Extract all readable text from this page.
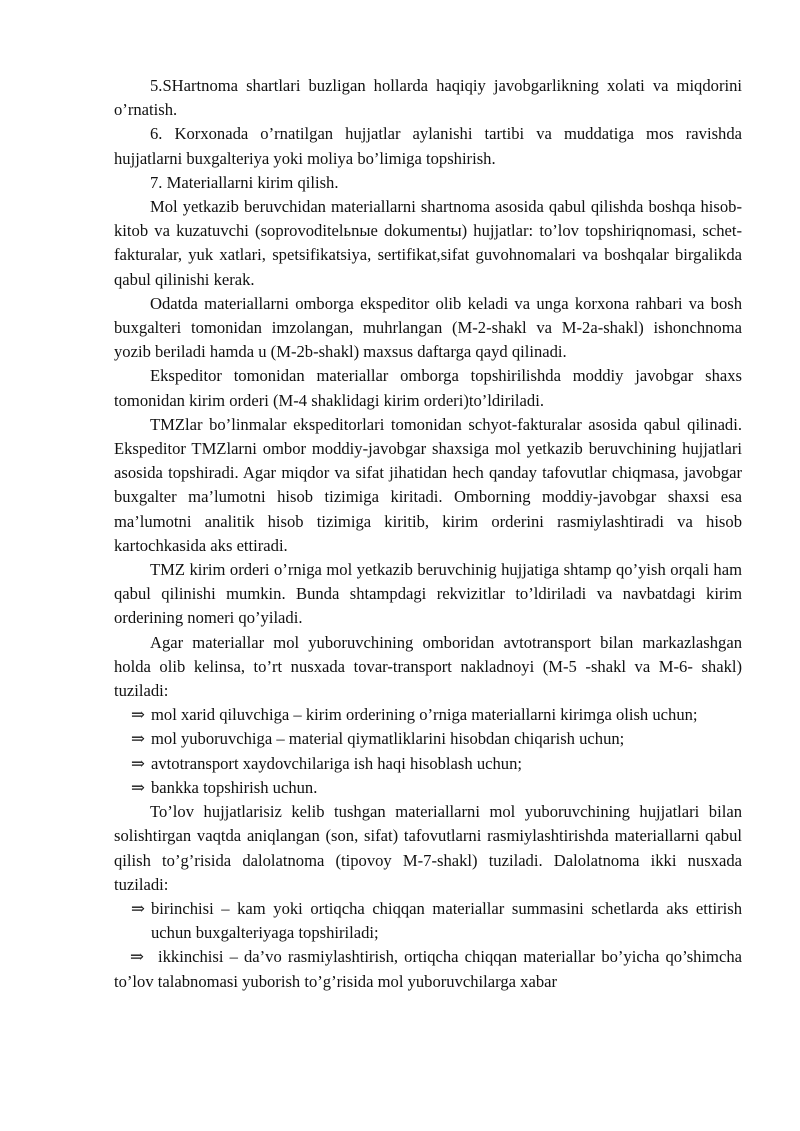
5.SHartnoma shartlari buzligan hollarda haqiqiy javobgarlikning xolati va miqdorini o’rnatish.

6. Korxonada o’rnatilgan hujjatlar aylanishi tartibi va muddatiga mos ravishda hujjatlarni buxgalteriya yoki moliya bo’limiga topshirish.

7. Materiallarni kirim qilish.

Mol yetkazib beruvchidan materiallarni shartnoma asosida qabul qilishda boshqa hisob-kitob va kuzatuvchi (soprovoditelьnыe dokumentы) hujjatlar: to’lov topshiriqnomasi, schet-fakturalar, yuk xatlari, spetsifikatsiya, sertifikat,sifat guvohnomalari va boshqalar birgalikda qabul qilinishi kerak.

Odatda materiallarni omborga ekspeditor olib keladi va unga korxona rahbari va bosh buxgalteri tomonidan imzolangan, muhrlangan (M-2-shakl va M-2a-shakl) ishonchnoma yozib beriladi hamda u (M-2b-shakl) maxsus daftarga qayd qilinadi.

Ekspeditor tomonidan materiallar omborga topshirilishda moddiy javobgar shaxs tomonidan kirim orderi (M-4 shaklidagi kirim orderi)to’ldiriladi.

TMZlar bo’linmalar ekspeditorlari tomonidan schyot-fakturalar asosida qabul qilinadi. Ekspeditor TMZlarni ombor moddiy-javobgar shaxsiga mol yetkazib beruvchining hujjatlari asosida topshiradi. Agar miqdor va sifat jihatidan hech qanday tafovutlar chiqmasa, javobgar buxgalter ma’lumotni hisob tizimiga kiritadi. Omborning moddiy-javobgar shaxsi esa ma’lumotni analitik hisob tizimiga kiritib, kirim orderini rasmiylashtiradi va hisob kartochkasida aks ettiradi.

TMZ kirim orderi o’rniga mol yetkazib beruvchinig hujjatiga shtamp qo’yish orqali ham qabul qilinishi mumkin. Bunda shtampdagi rekvizitlar to’ldiriladi va navbatdagi kirim orderining nomeri qo’yiladi.

Agar materiallar mol yuboruvchining omboridan avtotransport bilan markazlashgan holda olib kelinsa, to’rt nusxada tovar-transport nakladnoyi (M-5 -shakl va M-6- shakl) tuziladi:

⇒ mol xarid qiluvchiga – kirim orderining o’rniga materiallarni kirimga olish uchun;

⇒ mol yuboruvchiga – material qiymatliklarini hisobdan chiqarish uchun;

⇒ avtotransport xaydovchilariga ish haqi hisoblash uchun;

⇒ bankka topshirish uchun.

To’lov hujjatlarisiz kelib tushgan materiallarni mol yuboruvchining hujjatlari bilan solishtirgan vaqtda aniqlangan (son, sifat) tafovutlarni rasmiylashtirishda materiallarni qabul qilish to’g’risida dalolatnoma (tipovoy M-7-shakl) tuziladi. Dalolatnoma ikki nusxada tuziladi:

⇒ birinchisi – kam yoki ortiqcha chiqqan materiallar summasini schetlarda aks ettirish uchun buxgalteriyaga topshiriladi;

⇒ ikkinchisi – da’vo rasmiylashtirish, ortiqcha chiqqan materiallar bo’yicha qo’shimcha to’lov talabnomasi yuborish to’g’risida mol yuboruvchilarga xabar
